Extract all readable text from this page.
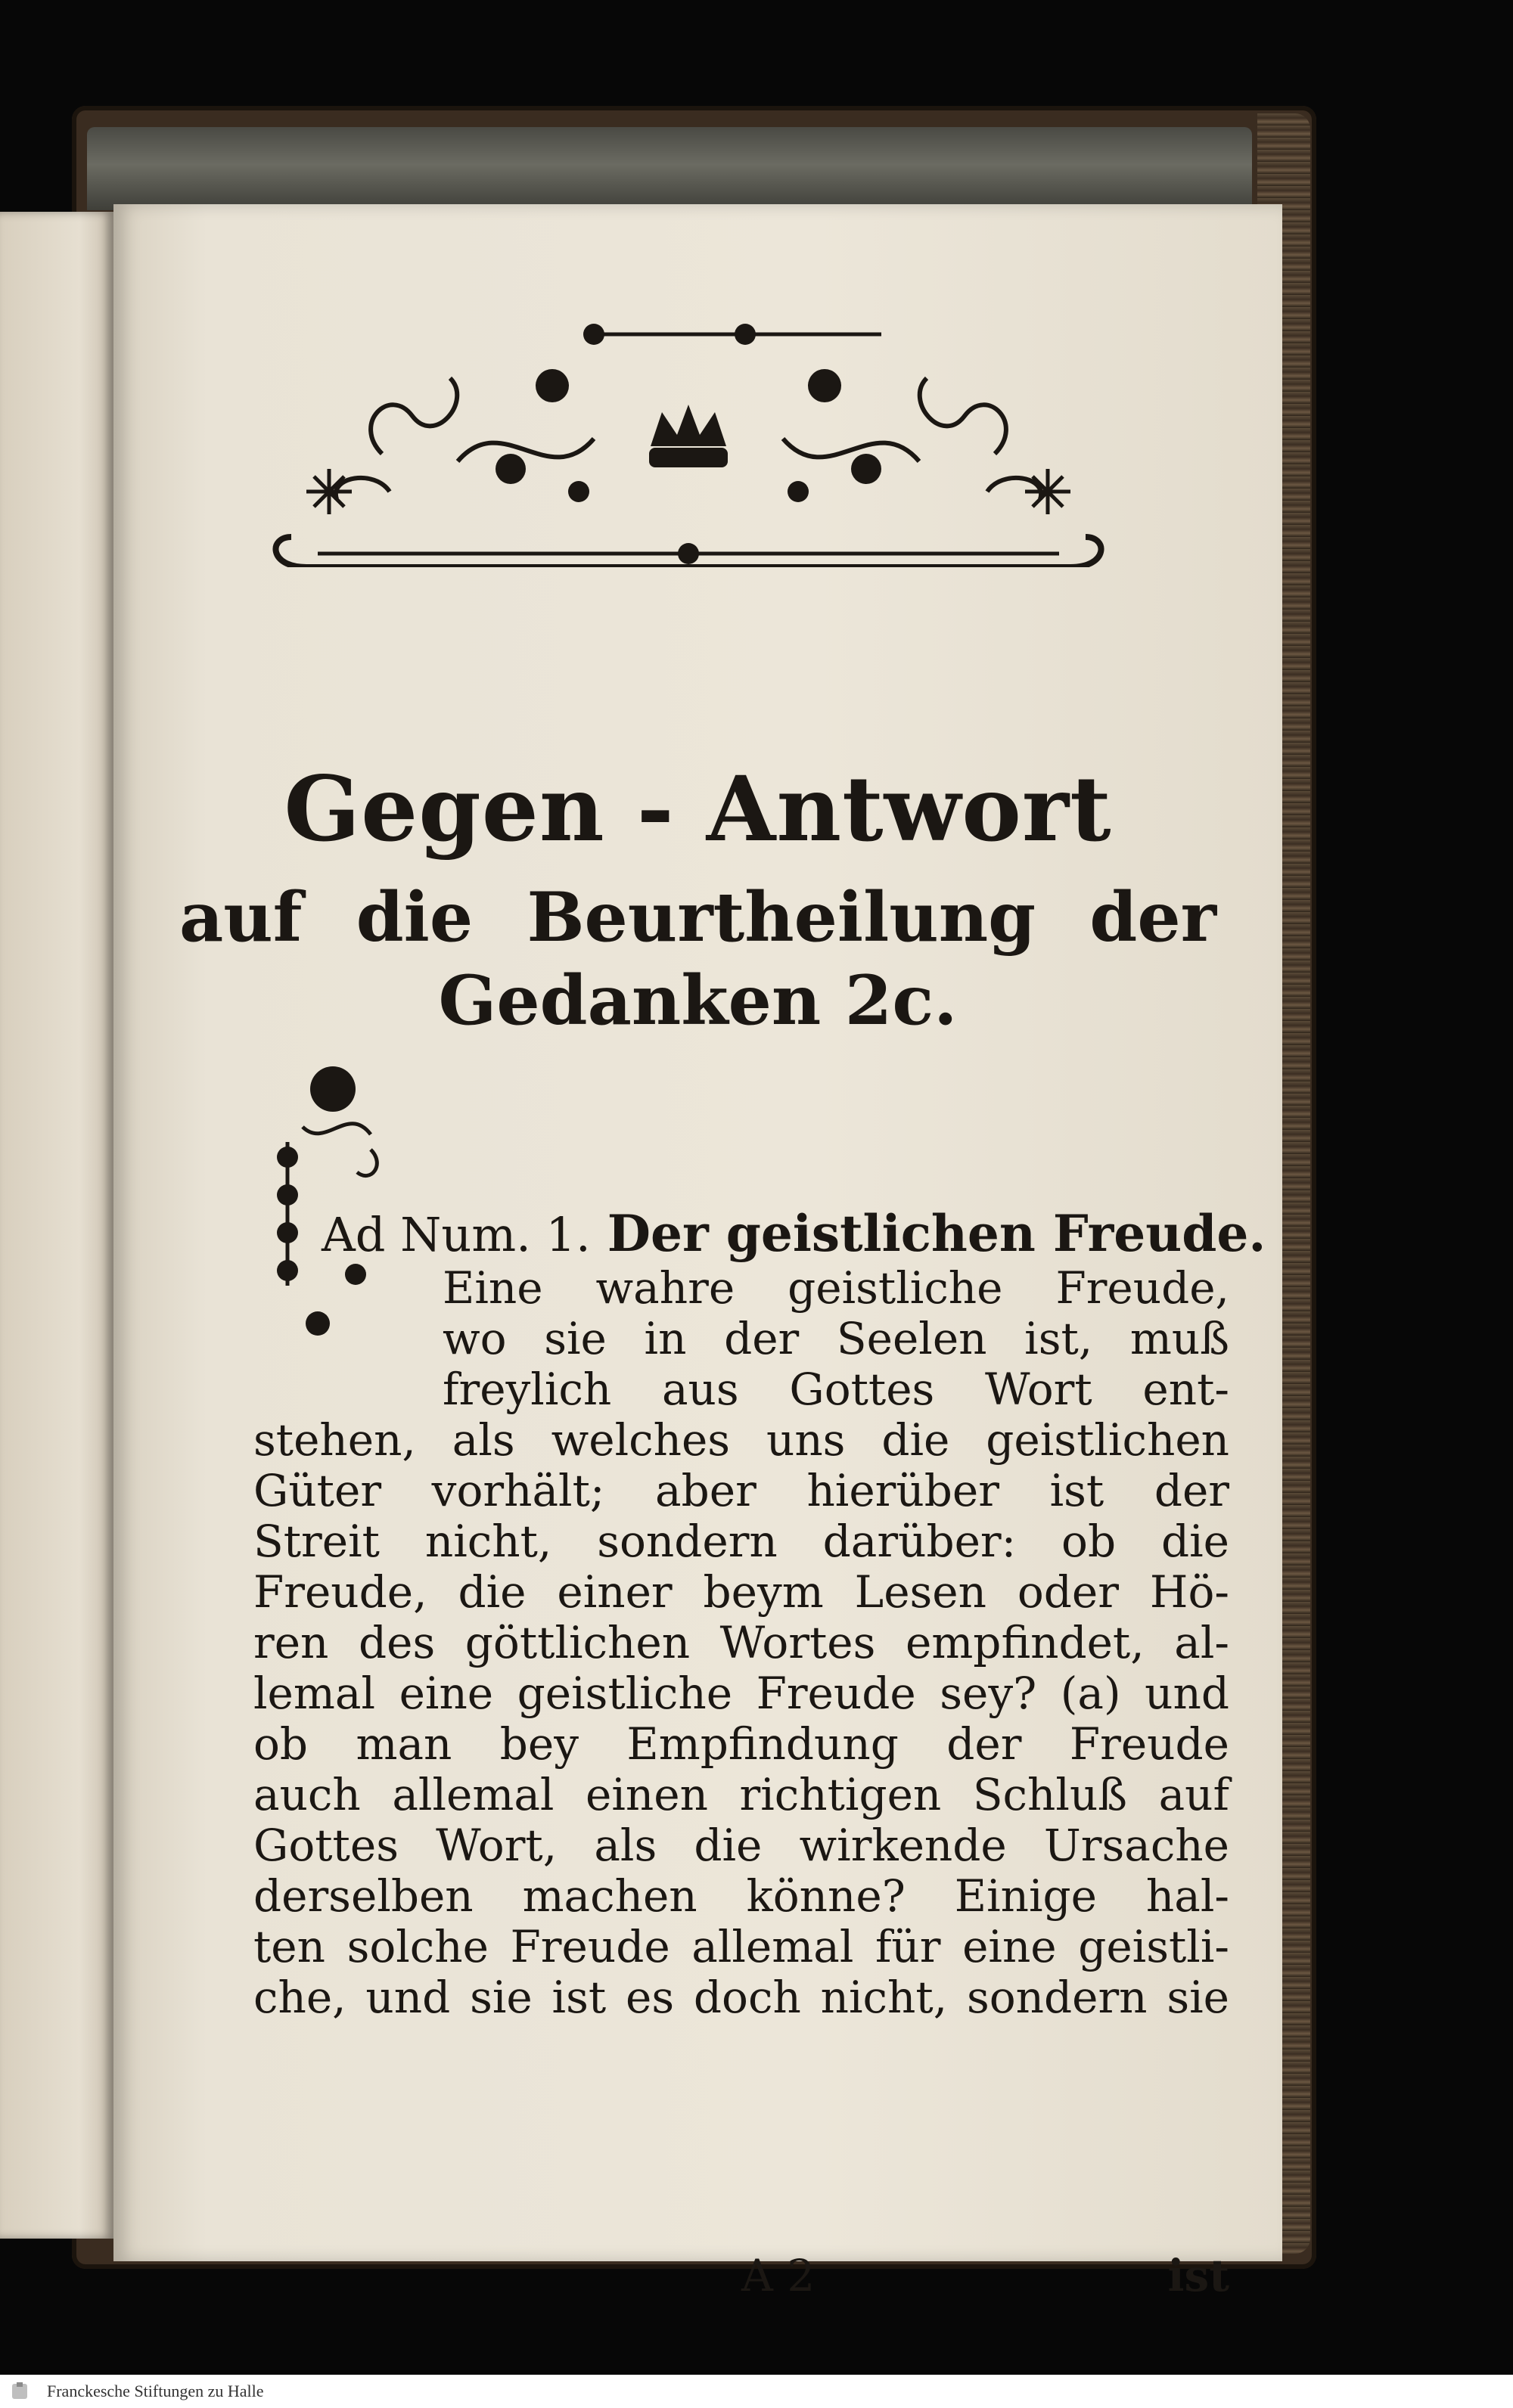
Gegen - Antwort
auf die Beurtheilung der
Gedanken 2c.
Ad Num. 1. Der geistlichen Freude.
Eine wahre geistliche Freude,
wo sie in der Seelen ist, muß
freylich aus Gottes Wort ent-
stehen, als welches uns die geistlichen
Güter vorhält; aber hierüber ist der
Streit nicht, sondern darüber: ob die
Freude, die einer beym Lesen oder Hö-
ren des göttlichen Wortes empfindet, al-
lemal eine geistliche Freude sey? (a) und
ob man bey Empfindung der Freude
auch allemal einen richtigen Schluß auf
Gottes Wort, als die wirkende Ursache
derselben machen könne? Einige hal-
ten solche Freude allemal für eine geistli-
che, und sie ist es doch nicht, sondern sie
A 2	ist
Franckesche Stiftungen zu Halle
